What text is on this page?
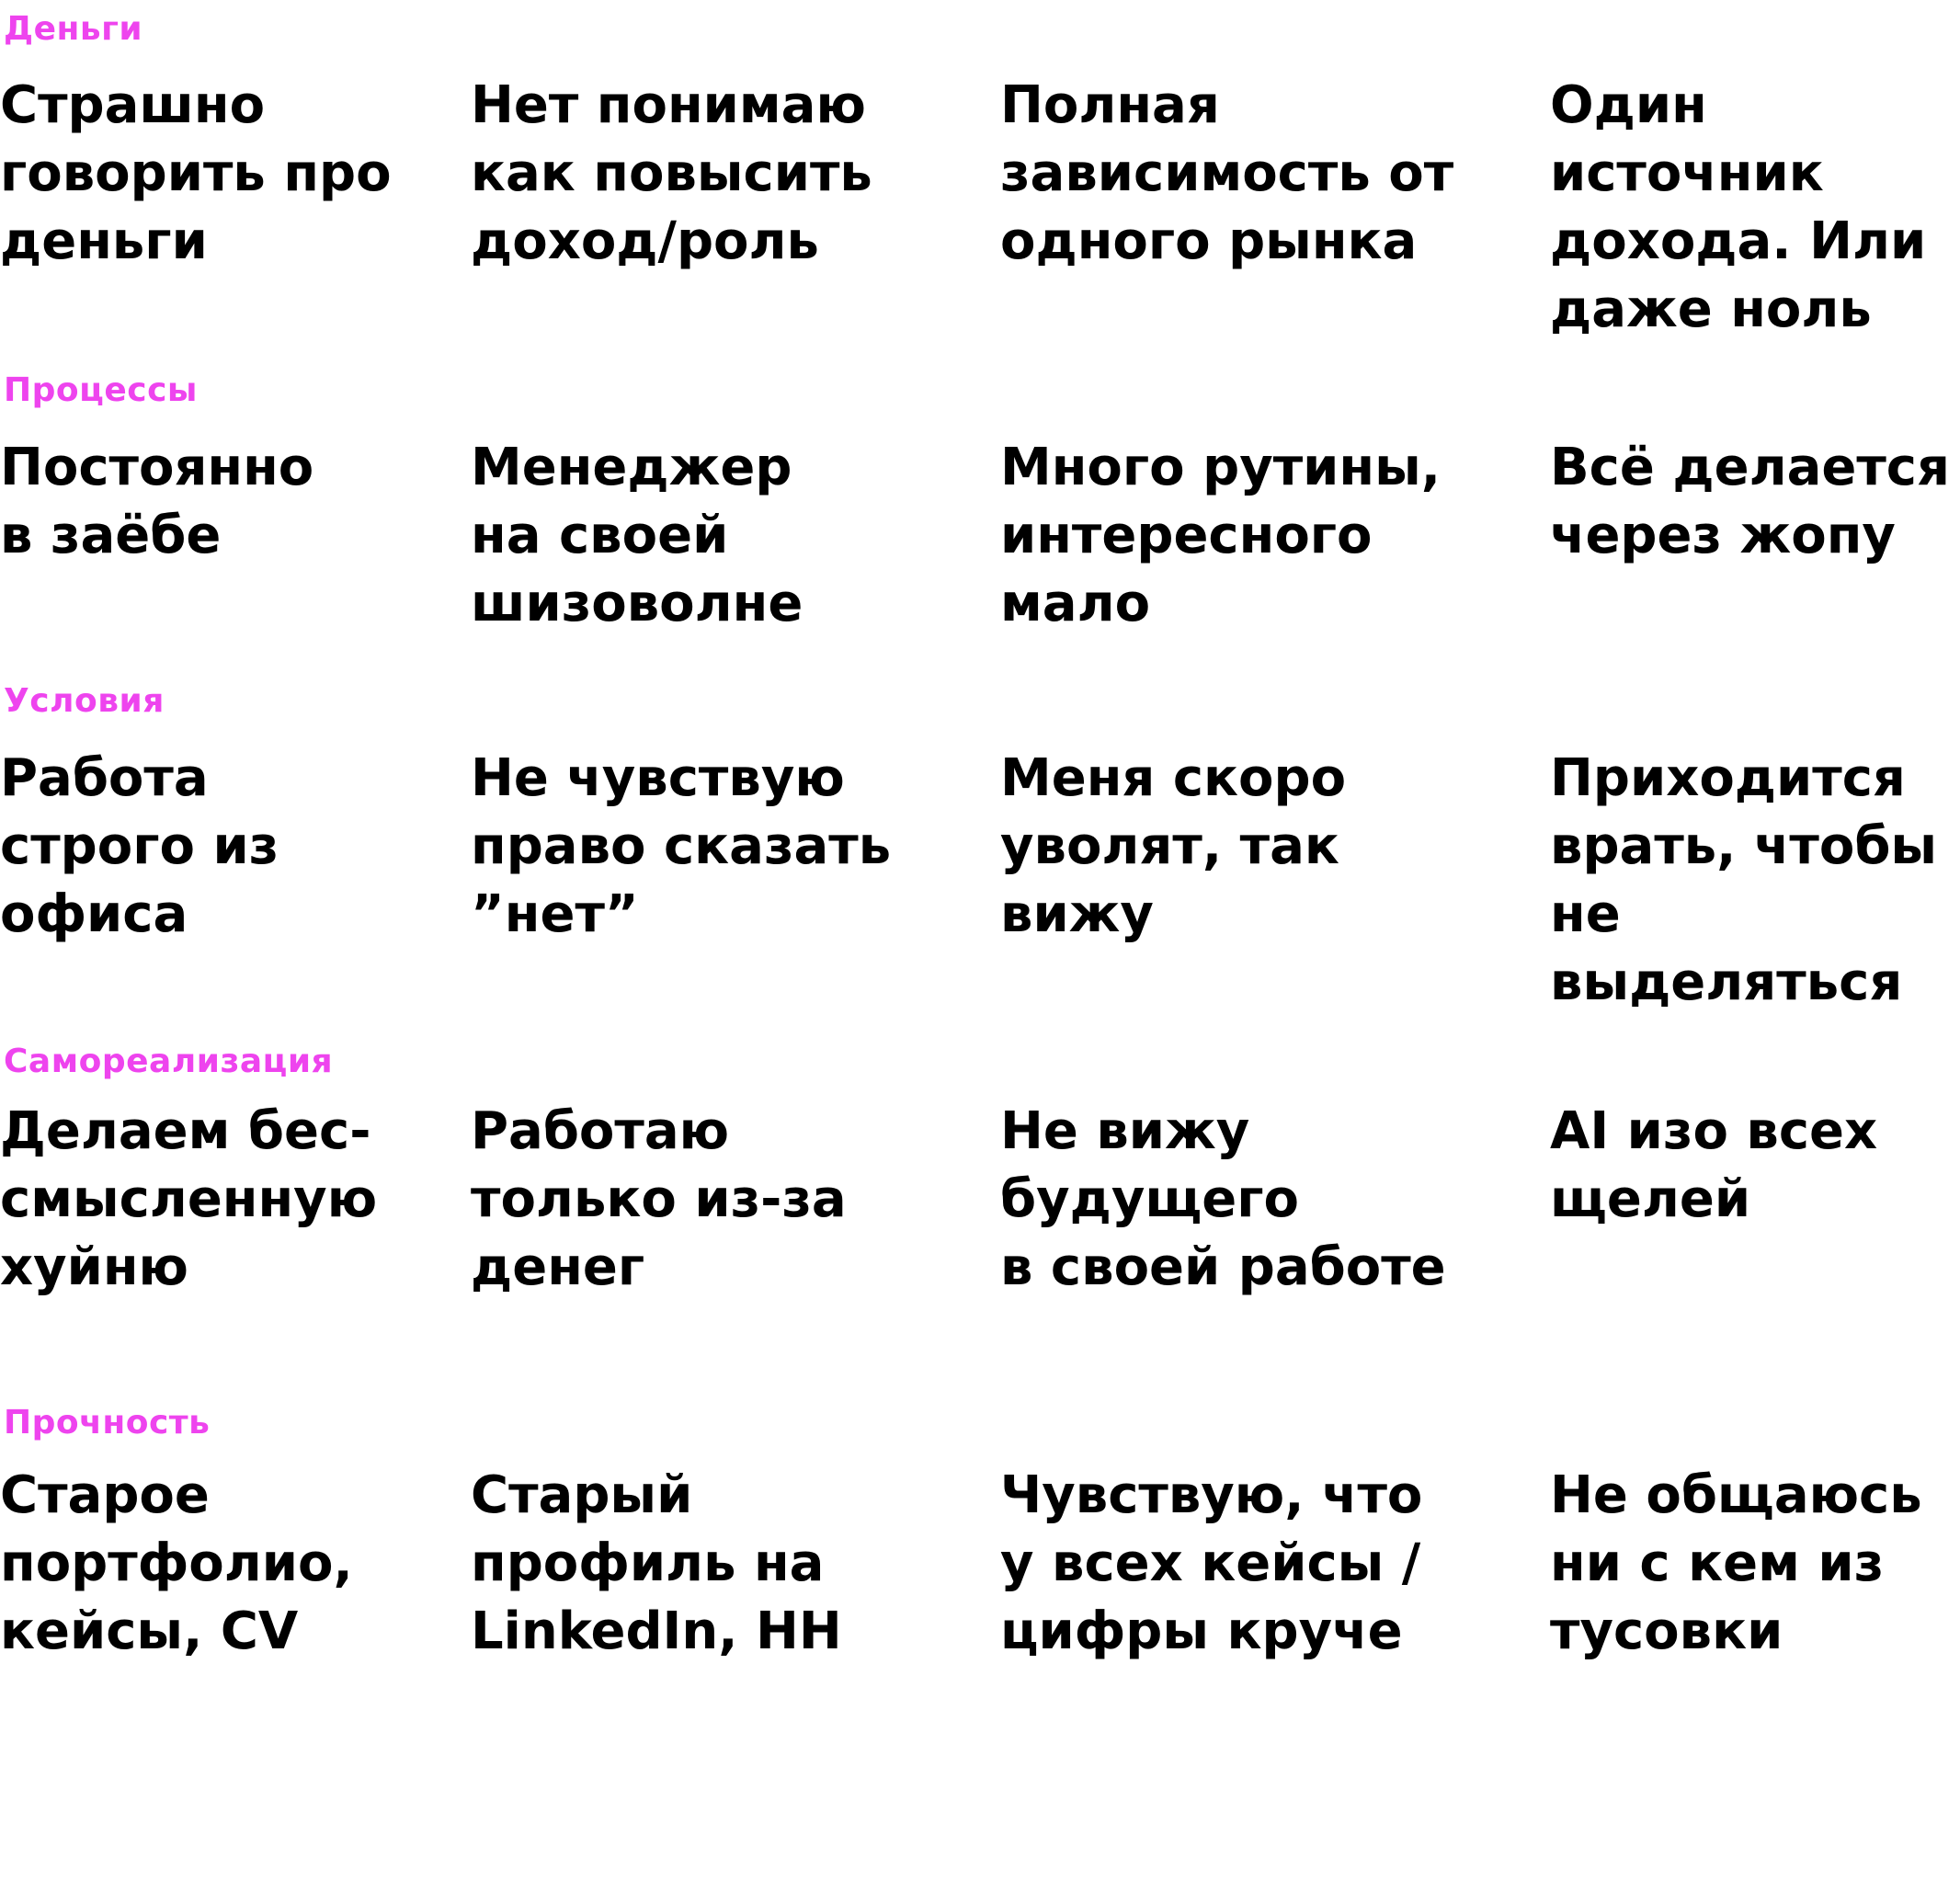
Деньги

Страшно
говорить про
деньги

Нет понимаю
как повысить
доход/роль

Полная
зависимость от
одного рынка

Один источник
дохода. Или
даже ноль

Процессы

Постоянно
в заёбе

Менеджер
на своей
шизоволне

Много рутины,
интересного
мало

Всё делается
через жопу

Условия

Работа
строго из
офиса

Не чувствую
право сказать
”нет”

Меня скоро
уволят, так
вижу

Приходится
врать, чтобы
не выделяться

Самореализация

Делаем бес-
смысленную
хуйню

Работаю
только из-за
денег

Не вижу
будущего
в своей работе

AI изо всех
щелей

Прочность

Старое
портфолио,
кейсы, CV

Старый
профиль на
LinkedIn, HH

Чувствую, что
у всех кейсы /
цифры круче

Не общаюсь
ни с кем из
тусовки
